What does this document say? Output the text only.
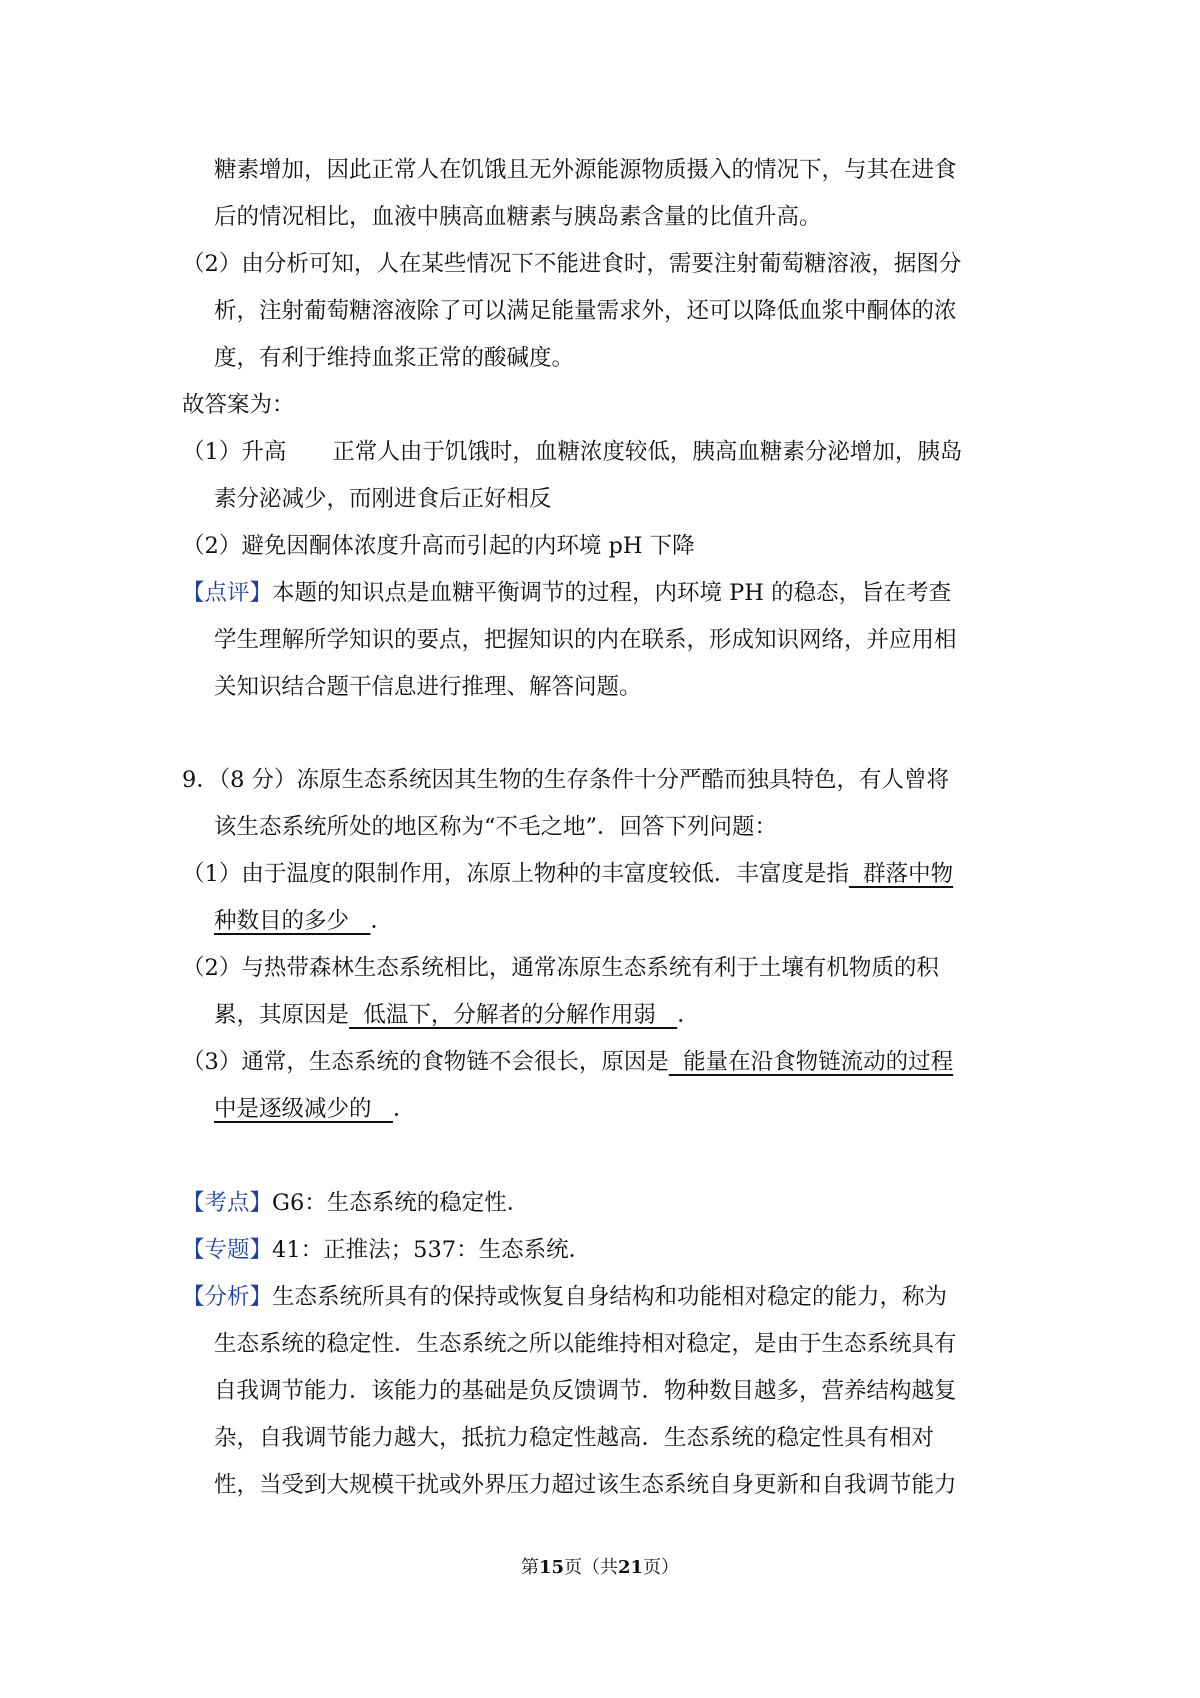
糖素增加，因此正常人在饥饿且无外源能源物质摄入的情况下，与其在进食
后的情况相比，血液中胰高血糖素与胰岛素含量的比值升高。
（2）由分析可知，人在某些情况下不能进食时，需要注射葡萄糖溶液，据图分
析，注射葡萄糖溶液除了可以满足能量需求外，还可以降低血浆中酮体的浓
度，有利于维持血浆正常的酸碱度。
故答案为：
（1）升高 正常人由于饥饿时，血糖浓度较低，胰高血糖素分泌增加，胰岛
素分泌减少，而刚进食后正好相反
（2）避免因酮体浓度升高而引起的内环境 pH 下降
【点评】本题的知识点是血糖平衡调节的过程，内环境 PH 的稳态，旨在考查
学生理解所学知识的要点，把握知识的内在联系，形成知识网络，并应用相
关知识结合题干信息进行推理、解答问题。
9．（8 分）冻原生态系统因其生物的生存条件十分严酷而独具特色，有人曾将
该生态系统所处的地区称为“不毛之地”．回答下列问题：
（1）由于温度的限制作用，冻原上物种的丰富度较低．丰富度是指  群落中物
种数目的多少   ．
（2）与热带森林生态系统相比，通常冻原生态系统有利于土壤有机物质的积
累，其原因是  低温下，分解者的分解作用弱   ．
（3）通常，生态系统的食物链不会很长，原因是  能量在沿食物链流动的过程
中是逐级减少的   ．
【考点】G6：生态系统的稳定性．
【专题】41：正推法；537：生态系统．
【分析】生态系统所具有的保持或恢复自身结构和功能相对稳定的能力，称为
生态系统的稳定性．生态系统之所以能维持相对稳定，是由于生态系统具有
自我调节能力．该能力的基础是负反馈调节．物种数目越多，营养结构越复
杂，自我调节能力越大，抵抗力稳定性越高．生态系统的稳定性具有相对
性，当受到大规模干扰或外界压力超过该生态系统自身更新和自我调节能力
第15页（共21页）
